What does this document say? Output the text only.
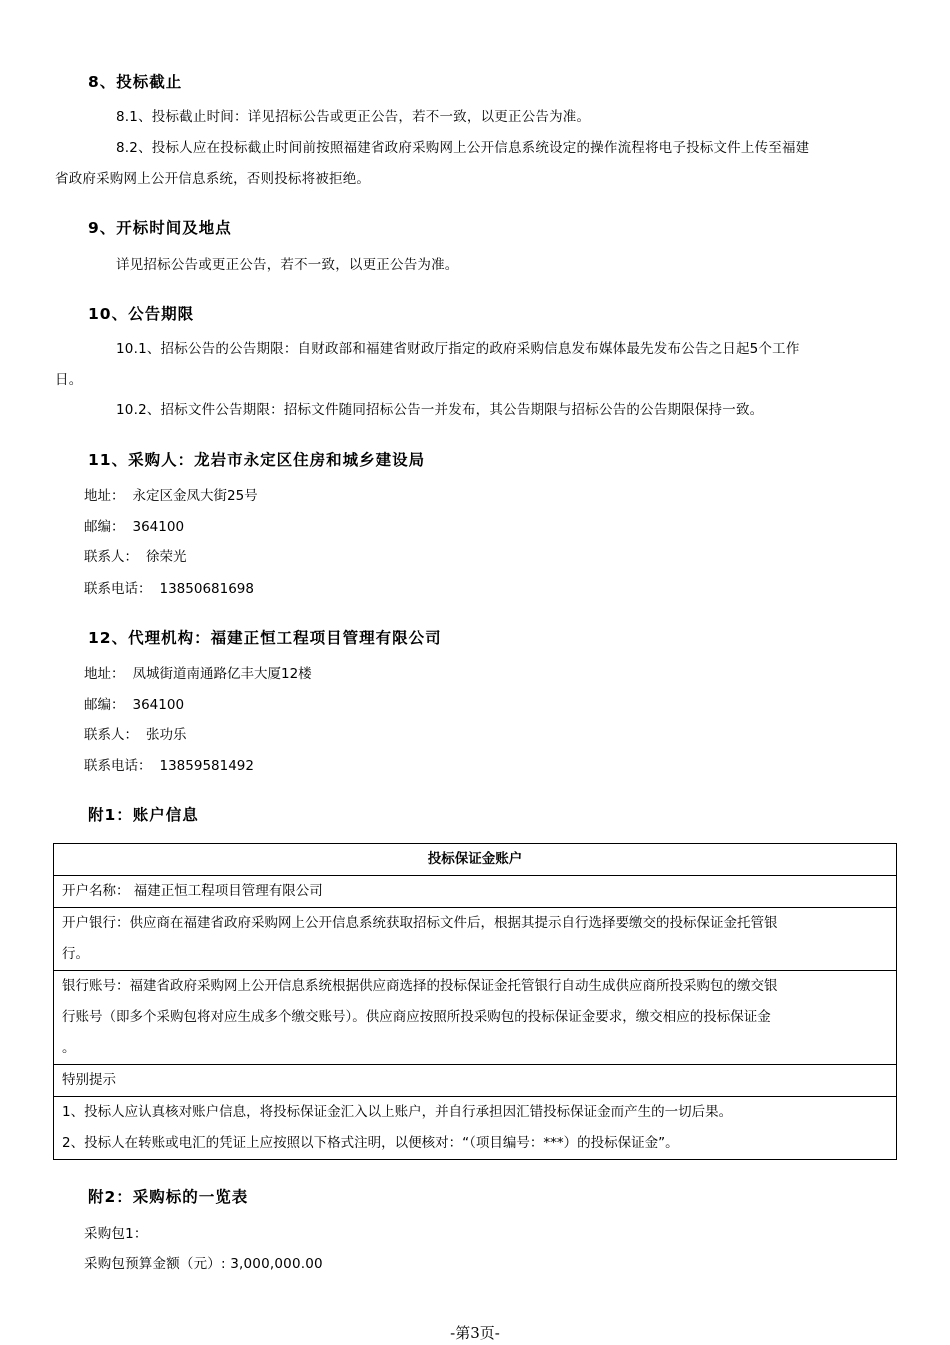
8、投标截止
8.1、投标截止时间：详见招标公告或更正公告，若不一致，以更正公告为准。
8.2、投标人应在投标截止时间前按照福建省政府采购网上公开信息系统设定的操作流程将电子投标文件上传至福建
省政府采购网上公开信息系统，否则投标将被拒绝。
9、开标时间及地点
详见招标公告或更正公告，若不一致，以更正公告为准。
10、公告期限
10.1、招标公告的公告期限：自财政部和福建省财政厅指定的政府采购信息发布媒体最先发布公告之日起5个工作
日。
10.2、招标文件公告期限：招标文件随同招标公告一并发布，其公告期限与招标公告的公告期限保持一致。
11、采购人：龙岩市永定区住房和城乡建设局
地址： 永定区金凤大街25号
邮编： 364100
联系人： 徐荣光
联系电话： 13850681698
12、代理机构：福建正恒工程项目管理有限公司
地址： 凤城街道南通路亿丰大厦12楼
邮编： 364100
联系人： 张功乐
联系电话： 13859581492
附1：账户信息
投标保证金账户
开户名称： 福建正恒工程项目管理有限公司

开户银行：供应商在福建省政府采购网上公开信息系统获取招标文件后，根据其提示自行选择要缴交的投标保证金托管银
行。

银行账号：福建省政府采购网上公开信息系统根据供应商选择的投标保证金托管银行自动生成供应商所投采购包的缴交银
行账号（即多个采购包将对应生成多个缴交账号）。供应商应按照所投采购包的投标保证金要求，缴交相应的投标保证金
。

特别提示

1、投标人应认真核对账户信息，将投标保证金汇入以上账户，并自行承担因汇错投标保证金而产生的一切后果。
2、投标人在转账或电汇的凭证上应按照以下格式注明，以便核对：“（项目编号：***）的投标保证金”。
附2：采购标的一览表
采购包1：
采购包预算金额（元）: 3,000,000.00
-第3页-
